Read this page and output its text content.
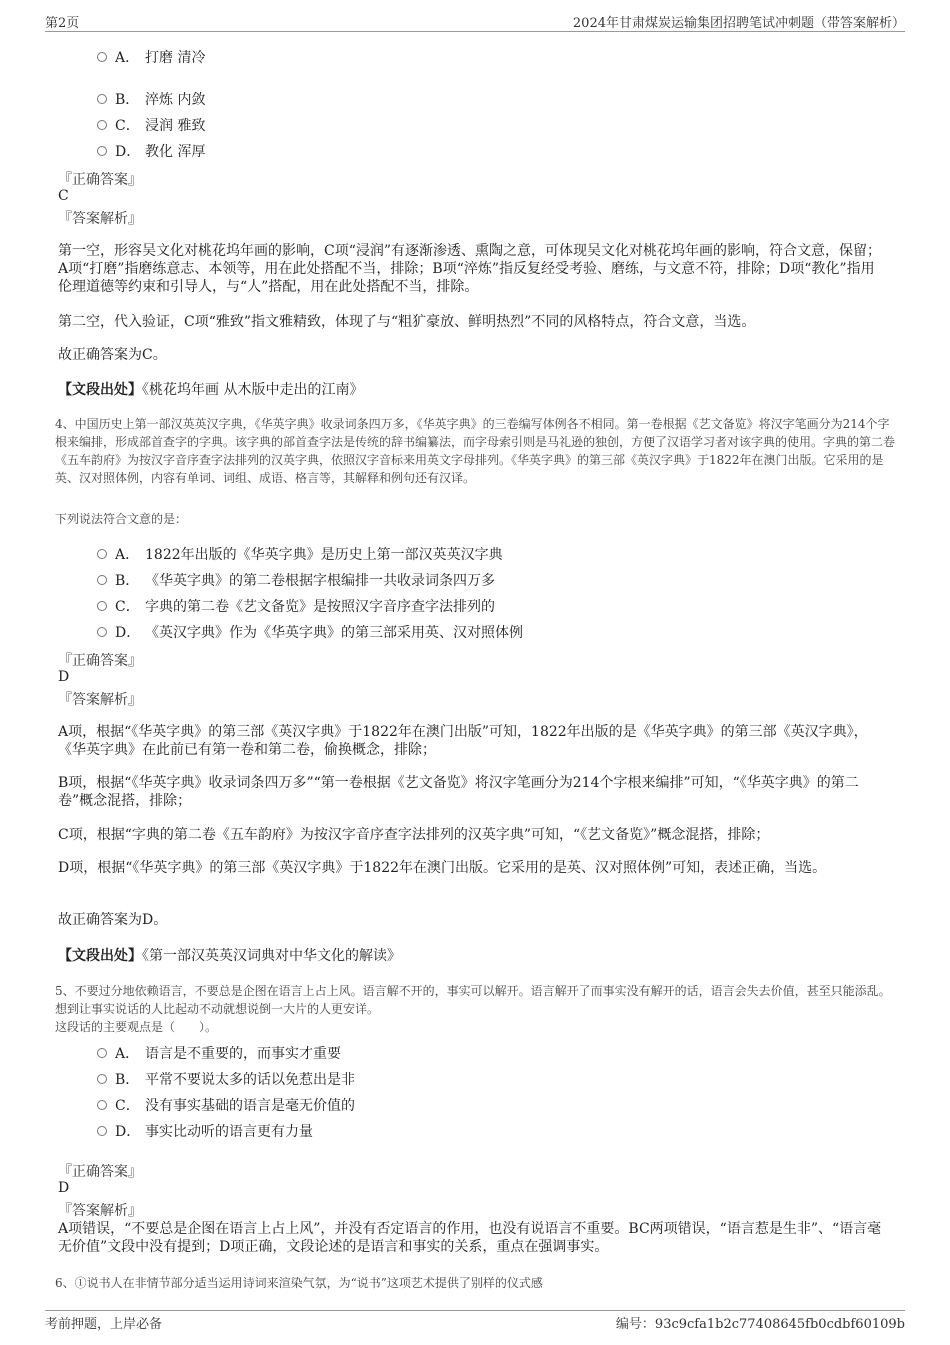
第2页	2024年甘肃煤炭运输集团招聘笔试冲刺题（带答案解析）
A． 打磨 清冷
B． 淬炼 内敛
C． 浸润 雅致
D． 教化 浑厚
『正确答案』
C
『答案解析』
第一空，形容吴文化对桃花坞年画的影响，C项“浸润”有逐渐渗透、熏陶之意，可体现吴文化对桃花坞年画的影响，符合文意，保留；A项“打磨”指磨练意志、本领等，用在此处搭配不当，排除；B项“淬炼”指反复经受考验、磨练，与文意不符，排除；D项“教化”指用伦理道德等约束和引导人，与“人”搭配，用在此处搭配不当，排除。
第二空，代入验证，C项“雅致”指文雅精致，体现了与“粗犷豪放、鲜明热烈”不同的风格特点，符合文意，当选。
故正确答案为C。
【文段出处】《桃花坞年画 从木版中走出的江南》
4、中国历史上第一部汉英英汉字典，《华英字典》收录词条四万多，《华英字典》的三卷编写体例各不相同。第一卷根据《艺文备览》将汉字笔画分为214个字根来编排，形成部首查字的字典。该字典的部首查字法是传统的辞书编纂法，而字母索引则是马礼逊的独创，方便了汉语学习者对该字典的使用。字典的第二卷《五车韵府》为按汉字音序查字法排列的汉英字典，依照汉字音标来用英文字母排列。《华英字典》的第三部《英汉字典》于1822年在澳门出版。它采用的是英、汉对照体例，内容有单词、词组、成语、格言等，其解释和例句还有汉译。
下列说法符合文意的是：
A． 1822年出版的《华英字典》是历史上第一部汉英英汉字典
B． 《华英字典》的第二卷根据字根编排一共收录词条四万多
C． 字典的第二卷《艺文备览》是按照汉字音序查字法排列的
D． 《英汉字典》作为《华英字典》的第三部采用英、汉对照体例
『正确答案』
D
『答案解析』
A项，根据“《华英字典》的第三部《英汉字典》于1822年在澳门出版”可知，1822年出版的是《华英字典》的第三部《英汉字典》，《华英字典》在此前已有第一卷和第二卷，偷换概念，排除；
B项，根据“《华英字典》收录词条四万多”“第一卷根据《艺文备览》将汉字笔画分为214个字根来编排”可知，“《华英字典》的第二卷”概念混搭，排除；
C项，根据“字典的第二卷《五车韵府》为按汉字音序查字法排列的汉英字典”可知，“《艺文备览》”概念混搭，排除；
D项，根据“《华英字典》的第三部《英汉字典》于1822年在澳门出版。它采用的是英、汉对照体例”可知，表述正确，当选。
故正确答案为D。
【文段出处】《第一部汉英英汉词典对中华文化的解读》
5、不要过分地依赖语言，不要总是企图在语言上占上风。语言解不开的，事实可以解开。语言解开了而事实没有解开的话，语言会失去价值，甚至只能添乱。想到让事实说话的人比起动不动就想说倒一大片的人更安详。
这段话的主要观点是（　　）。
A． 语言是不重要的，而事实才重要
B． 平常不要说太多的话以免惹出是非
C． 没有事实基础的语言是毫无价值的
D． 事实比动听的语言更有力量
『正确答案』
D
『答案解析』
A项错误，“不要总是企图在语言上占上风”，并没有否定语言的作用，也没有说语言不重要。BC两项错误，“语言惹是生非”、“语言毫无价值”文段中没有提到；D项正确，文段论述的是语言和事实的关系，重点在强调事实。
6、①说书人在非情节部分适当运用诗词来渲染气氛，为“说书”这项艺术提供了别样的仪式感
考前押题，上岸必备	编号：93c9cfa1b2c77408645fb0cdbf60109b
